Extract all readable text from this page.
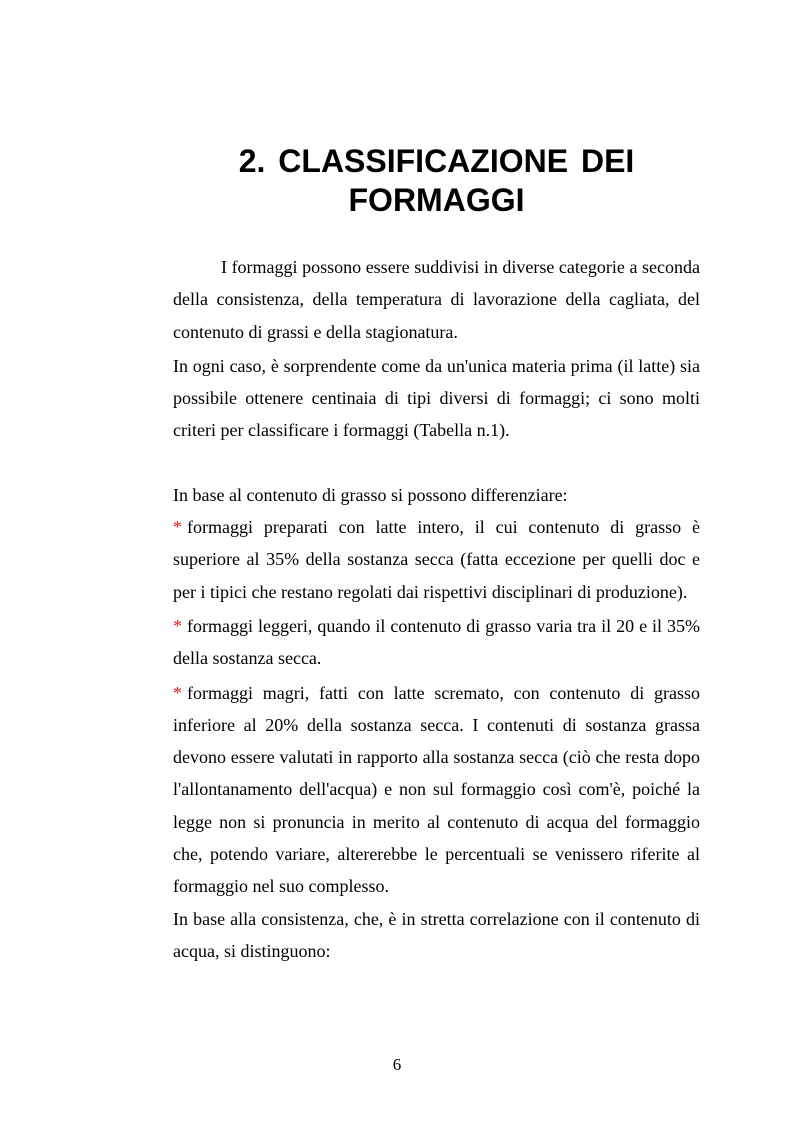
2. CLASSIFICAZIONE DEI
FORMAGGI

I formaggi possono essere suddivisi in diverse categorie a seconda della consistenza, della temperatura di lavorazione della cagliata, del contenuto di grassi e della stagionatura.

In ogni caso, è sorprendente come da un'unica materia prima (il latte) sia possibile ottenere centinaia di tipi diversi di formaggi; ci sono molti criteri per classificare i formaggi (Tabella n.1).

In base al contenuto di grasso si possono differenziare:

* formaggi preparati con latte intero, il cui contenuto di grasso è superiore al 35% della sostanza secca (fatta eccezione per quelli doc e per i tipici che restano regolati dai rispettivi disciplinari di produzione).

* formaggi leggeri, quando il contenuto di grasso varia tra il 20 e il 35% della sostanza secca.

* formaggi magri, fatti con latte scremato, con contenuto di grasso inferiore al 20% della sostanza secca. I contenuti di sostanza grassa devono essere valutati in rapporto alla sostanza secca (ciò che resta dopo l'allontanamento dell'acqua) e non sul formaggio così com'è, poiché la legge non si pronuncia in merito al contenuto di acqua del formaggio che, potendo variare, altererebbe le percentuali se venissero riferite al formaggio nel suo complesso.

In base alla consistenza, che, è in stretta correlazione con il contenuto di acqua, si distinguono:

6
